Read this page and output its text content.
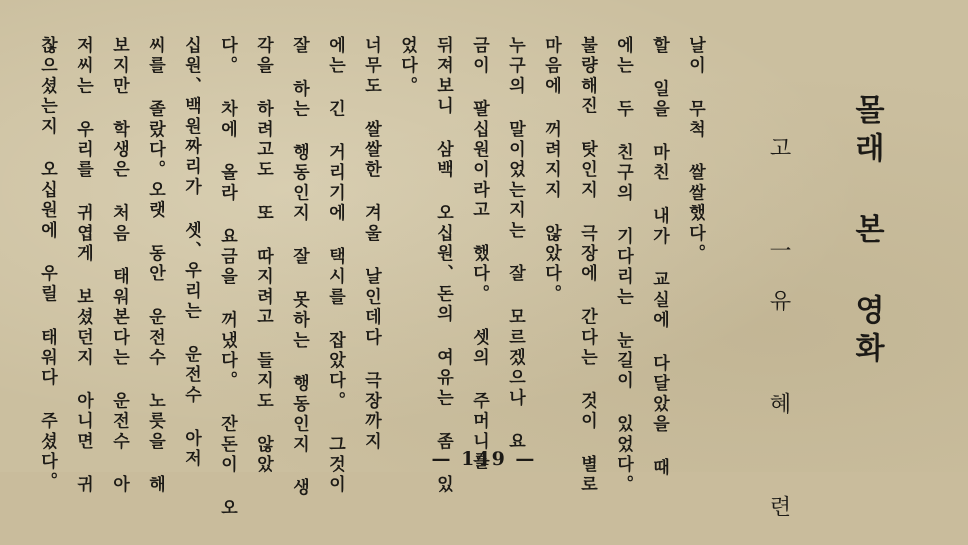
몰래 본 영화
고 一유 혜 련
날이 무척 쌀쌀했다。
할 일을 마친 내가 교실에 다달았을 때
에는 두 친구의 기다리는 눈길이 있었다。
불량해진 탓인지 극장에 간다는 것이 별로
마음에 꺼려지지 않았다。
누구의 말이었는지는 잘 모르겠으나 요
금이 팔십원이라고 했다。 셋의 주머니를
뒤져보니 삼백 오십원、돈의 여유는 좀 있
었다。
너무도 쌀쌀한 겨울 날인데다 극장까지
에는 긴 거리기에 택시를 잡았다。 그것이
잘 하는 행동인지 잘 못하는 행동인지 생
각을 하려고도 또 따지려고 들지도 않았
다。 차에 올라 요금을 꺼냈다。 잔돈이 오
십원、백원짜리가 셋、우리는 운전수 아저
씨를 졸랐다。오랫 동안 운전수 노릇을 해
보지만 학생은 처음 태워본다는 운전수 아
저씨는 우리를 귀엽게 보셨던지 아니면 귀
찮으셨는지 오십원에 우릴 태워다 주셨다。	— 149 —
